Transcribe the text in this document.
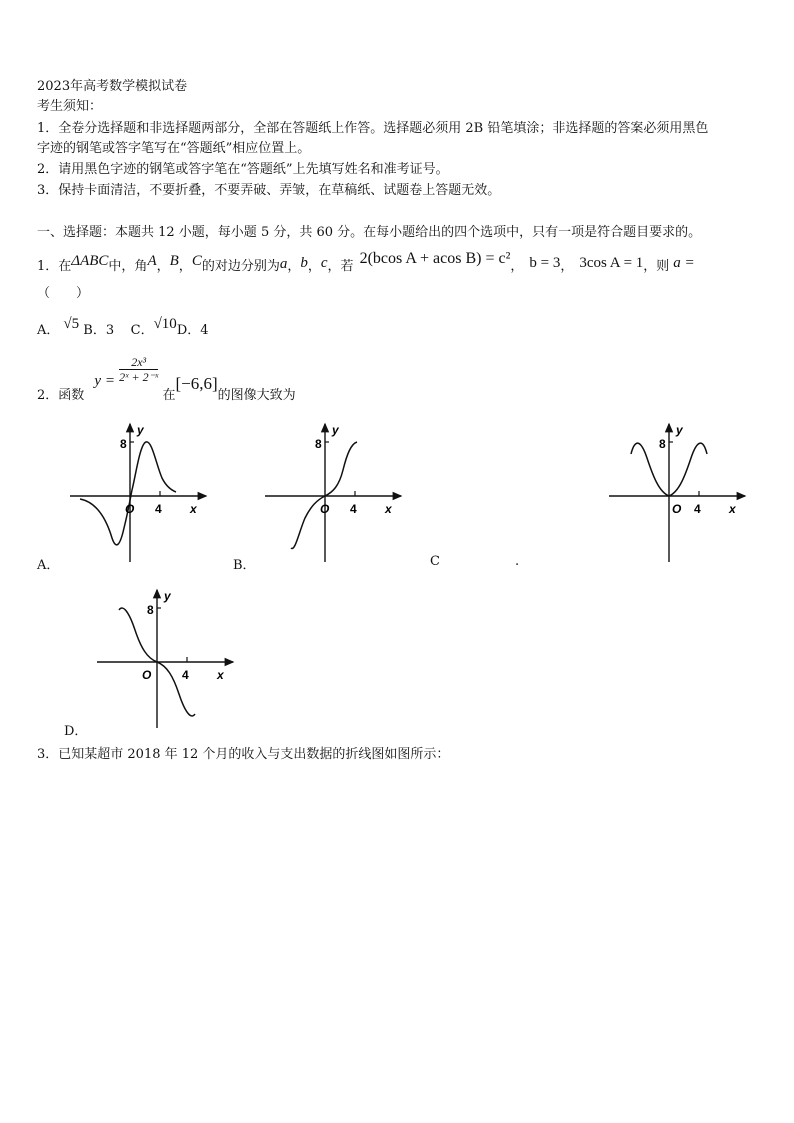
2023年高考数学模拟试卷
考生须知：
1．全卷分选择题和非选择题两部分，全部在答题纸上作答。选择题必须用 2B 铅笔填涂；非选择题的答案必须用黑色
字迹的钢笔或答字笔写在“答题纸”相应位置上。
2．请用黑色字迹的钢笔或答字笔在“答题纸”上先填写姓名和准考证号。
3．保持卡面清洁，不要折叠，不要弄破、弄皱，在草稿纸、试题卷上答题无效。
一、选择题：本题共 12 小题，每小题 5 分，共 60 分。在每小题给出的四个选项中，只有一项是符合题目要求的。
1．在ΔABC中，角A，B，C的对边分别为a，b，c，若 2(bcos A + acos B) = c²， b = 3， 3cos A = 1，则 a =
（　　）
A． √5 B．3 C．√10D．4
2．函数 $y = \frac{\text{2x³}}{\text{2ˣ + 2⁻ˣ}}$
在[−6,6]的图像大致为
8
y
O 4 x
8
y
O 4 x
8
y
O 4 x
8
y
O	4 x
A．	B．	C	.
D．
3．已知某超市 2018 年 12 个月的收入与支出数据的折线图如图所示：
